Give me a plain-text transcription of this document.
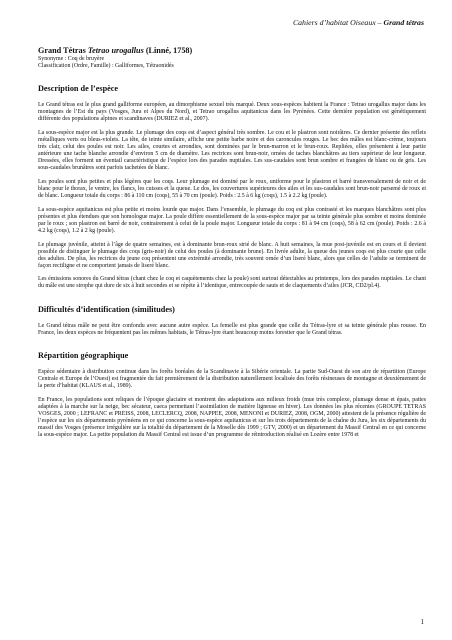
Cahiers d’habitat Oiseaux – Grand tétras
Grand Tétras Tetrao urogallus (Linné, 1758)
Synonyme : Coq de bruyère
Classification (Ordre, Famille) : Galliformes, Tétraonidés
Description de l’espèce

Le Grand tétras est le plus grand galliforme européen, au dimorphisme sexuel très marqué. Deux sous-espèces habitent la France : Tetrao urogallus major dans les montagnes de l’Est du pays (Vosges, Jura et Alpes du Nord), et Tetrao urogallus aquitanicus dans les Pyrénées. Cette dernière population est génétiquement différente des populations alpines et scandinaves (DURIEZ et al., 2007).

La sous-espèce major est la plus grande. Le plumage des coqs est d’aspect général très sombre. Le cou et le plastron sont noirâtres. Ce dernier présente des reflets métalliques verts ou bleus-violets. La tête, de teinte similaire, affiche une petite barbe noire et des caroncules rouges. Le bec des mâles est blanc-crème, toujours très clair, celui des poules est noir. Les ailes, courtes et arrondies, sont dominées par le brun-marron et le brun-roux. Repliées, elles présentent à leur partie antérieure une tache blanche arrondie d’environ 5 cm de diamètre. Les rectrices sont brun-noir, ornées de taches blanchâtres au tiers supérieur de leur longueur. Dressées, elles forment un éventail caractéristique de l’espèce lors des parades nuptiales. Les sus-caudales sont brun sombre et frangées de blanc ou de gris. Les sous-caudales brunâtres sont parfois tachetées de blanc.

Les poules sont plus petites et plus légères que les coqs. Leur plumage est dominé par le roux, uniforme pour le plastron et barré transversalement de noir et de blanc pour le thorax, le ventre, les flancs, les cuisses et la queue. Le dos, les couvertures supérieures des ailes et les sus-caudales sont brun-noir parsemé de roux et de blanc. Longueur totale du corps : 86 à 110 cm (coqs), 55 à 70 cm (poule). Poids : 2.5 à 6 kg (coqs), 1.5 à 2.2 kg (poule).

La sous-espèce aquitanicus est plus petite et moins lourde que major. Dans l’ensemble, le plumage du coq est plus contrasté et les marques blanchâtres sont plus présentes et plus étendues que son homologue major. La poule diffère essentiellement de la sous-espèce major par sa teinte générale plus sombre et moins dominée par le roux ; son plastron est barré de noir, contrairement à celui de la poule major. Longueur totale du corps : 81 à 94 cm (coqs), 58 à 62 cm (poule). Poids : 2.6 à 4.2 kg (coqs), 1.2 à 2 kg (poule).

Le plumage juvénile, atteint à l’âge de quatre semaines, est à dominante brun-roux strié de blanc. A huit semaines, la mue post-juvénile est en cours et il devient possible de distinguer le plumage des coqs (gris-noir) de celui des poules (à dominante brune). En livrée adulte, la queue des jeunes coqs est plus courte que celle des adultes. De plus, les rectrices du jeune coq présentent une extrémité arrondie, très souvent ornée d’un liseré blanc, alors que celles de l’adulte se terminent de façon rectiligne et ne comportent jamais de liseré blanc.

Les émissions sonores du Grand tétras (chant chez le coq et caquètements chez la poule) sont surtout détectables au printemps, lors des parades nuptiales. Le chant du mâle est une strophe qui dure de six à huit secondes et se répète à l’identique, entrecoupée de sauts et de claquements d’ailes (JCR, CD2/pl.4).

Difficultés d’identification (similitudes)

Le Grand tétras mâle ne peut être confondu avec aucune autre espèce. La femelle est plus grande que celle du Tétras-lyre et sa teinte générale plus rousse. En France, les deux espèces ne fréquentent pas les mêmes habitats, le Tétras-lyre étant beaucoup moins forestier que le Grand tétras.

Répartition géographique

Espèce sédentaire à distribution continue dans les forêts boréales de la Scandinavie à la Sibérie orientale. La partie Sud-Ouest de son aire de répartition (Europe Centrale et Europe de l’Ouest) est fragmentée du fait premièrement de la distribution naturellement localisée des forêts résineuses de montagne et deuxièmement de la perte d’habitat (KLAUS et al., 1989).

En France, les populations sont reliques de l’époque glaciaire et montrent des adaptations aux milieux froids (mue très complexe, plumage dense et épais, pattes adaptées à la marche sur la neige, bec sécateur, caeca permettant l’assimilation de matière ligneuse en hiver). Les données les plus récentes (GROUPE TETRAS VOSGES, 2000 ; LEFRANC et PREISS, 2008, LECLERCQ, 2008, NAPPEE, 2008, MENONI et DURIEZ, 2008, OGM, 2000) attestent de la présence régulière de l’espèce sur les six départements pyrénéens en ce qui concerne la sous-espèce aquitanicus et sur les trois départements de la chaîne du Jura, les six départements du massif des Vosges (présence irrégulière sur la totalité du département de la Moselle dès 1999 ; GTV, 2000) et un département du Massif Central en ce qui concerne la sous-espèce major. La petite population du Massif Central est issue d’un programme de réintroduction réalisé en Lozère entre 1978 et

1
